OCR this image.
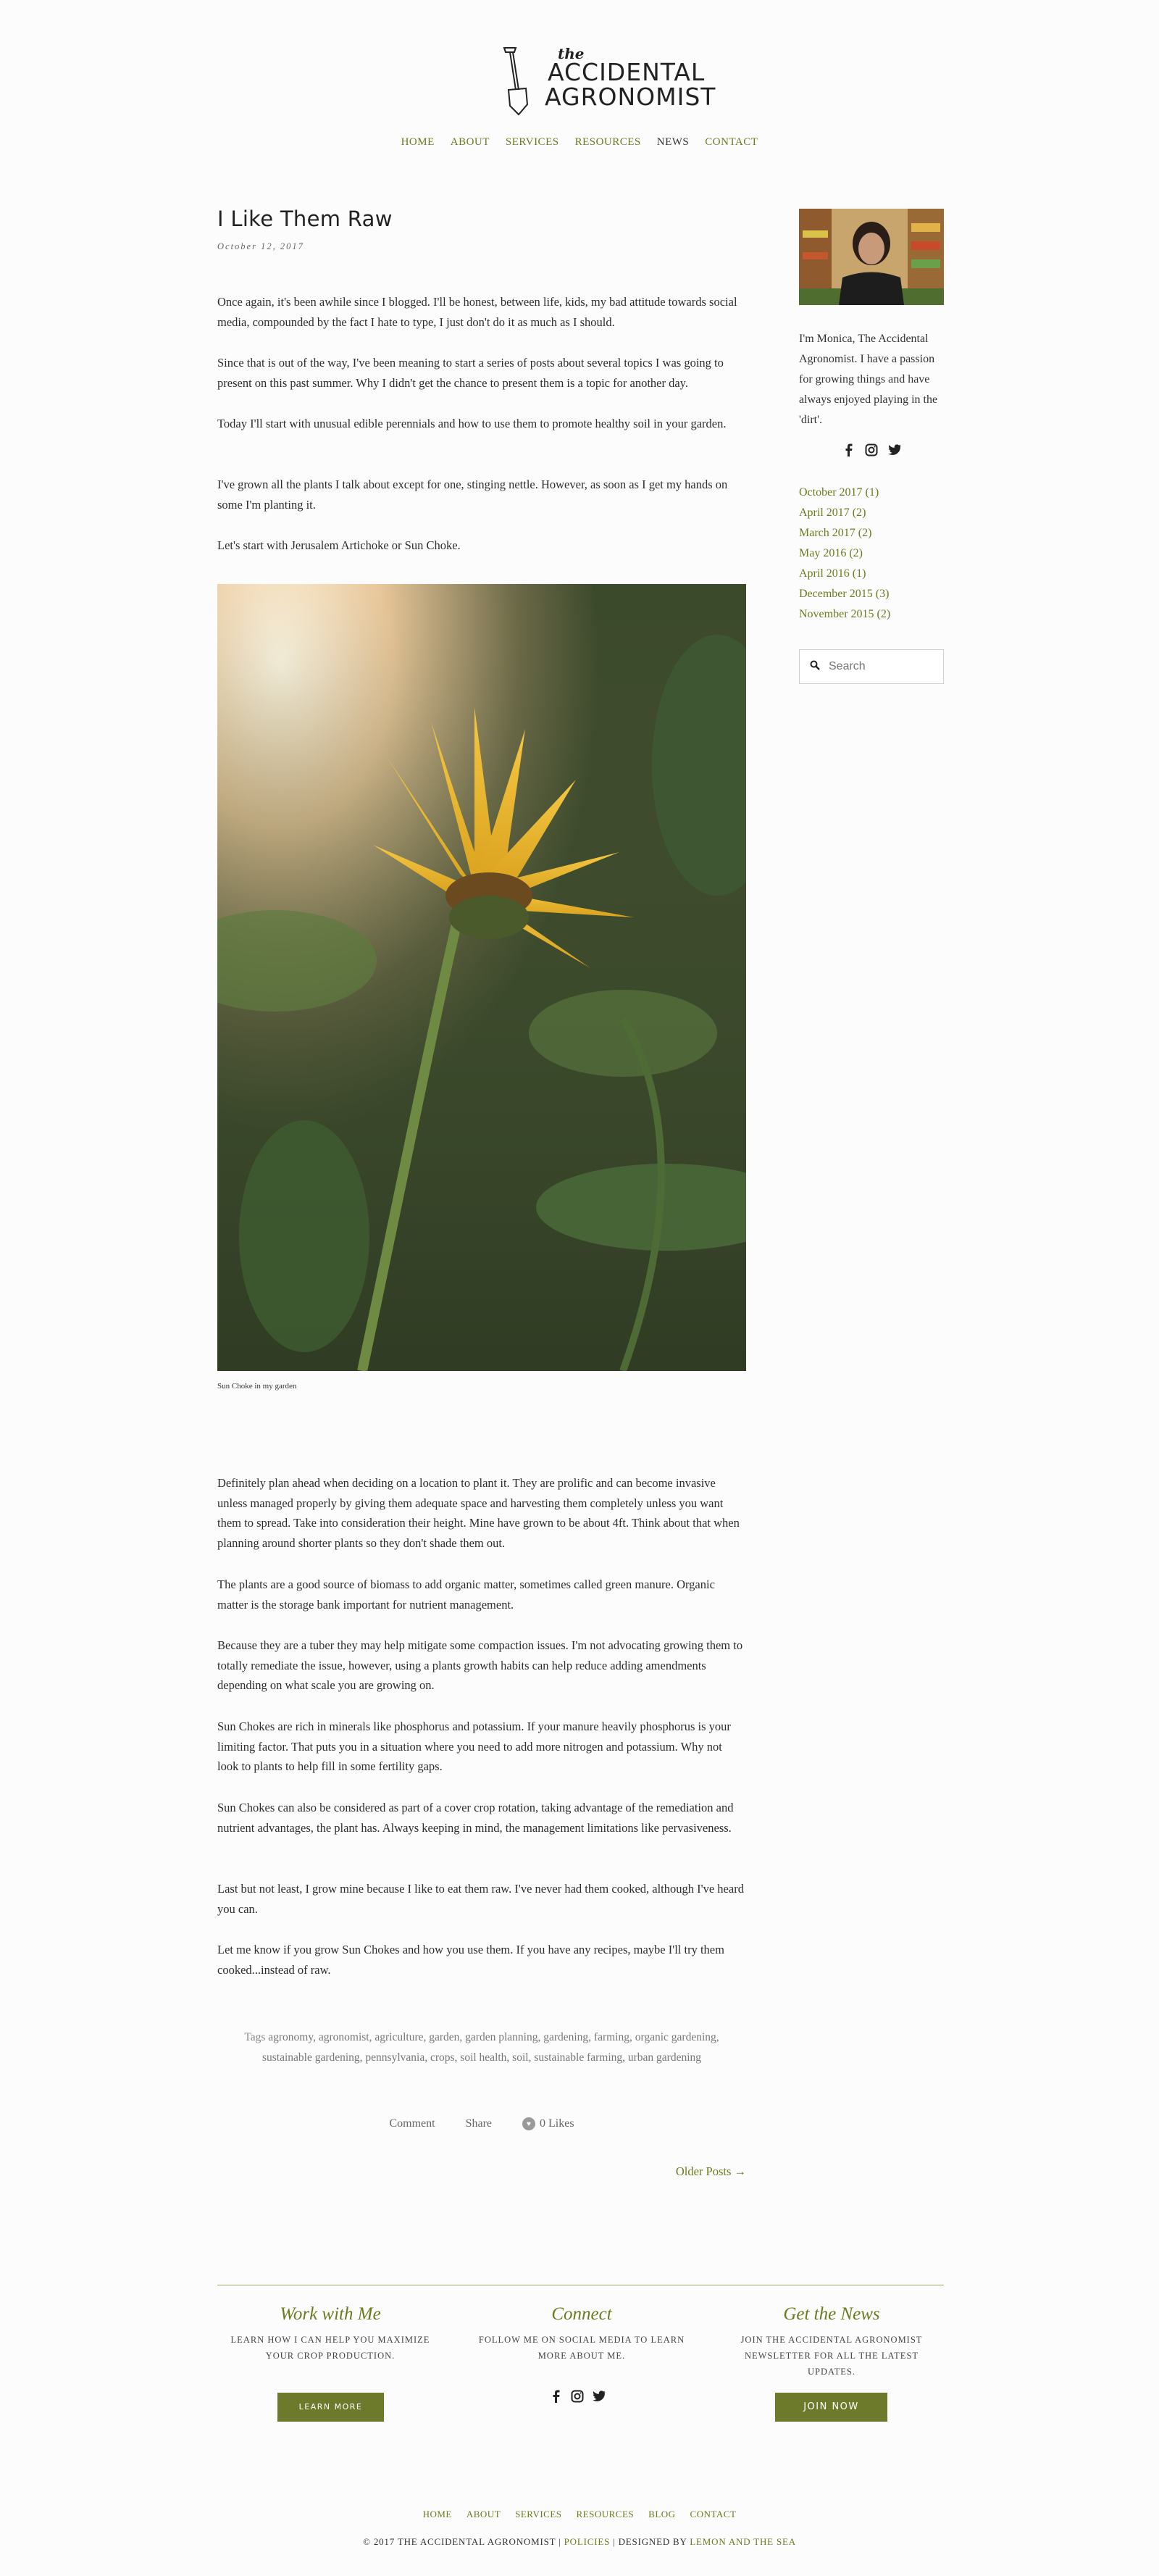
the
ACCIDENTAL
AGRONOMIST
HOME	ABOUT	SERVICES	RESOURCES	NEWS	CONTACT
I Like Them Raw
October 12, 2017

Once again, it's been awhile since I blogged. I'll be honest, between life, kids, my bad attitude towards social media, compounded by the fact I hate to type, I just don't do it as much as I should.

Since that is out of the way, I've been meaning to start a series of posts about several topics I was going to present on this past summer. Why I didn't get the chance to present them is a topic for another day.

Today I'll start with unusual edible perennials and how to use them to promote healthy soil in your garden.

I've grown all the plants I talk about except for one, stinging nettle. However, as soon as I get my hands on some I'm planting it.

Let's start with Jerusalem Artichoke or Sun Choke.

Sun Choke in my garden

Definitely plan ahead when deciding on a location to plant it. They are prolific and can become invasive unless managed properly by giving them adequate space and harvesting them completely unless you want them to spread. Take into consideration their height. Mine have grown to be about 4ft. Think about that when planning around shorter plants so they don't shade them out.

The plants are a good source of biomass to add organic matter, sometimes called green manure. Organic matter is the storage bank important for nutrient management.

Because they are a tuber they may help mitigate some compaction issues. I'm not advocating growing them to totally remediate the issue, however, using a plants growth habits can help reduce adding amendments depending on what scale you are growing on.

Sun Chokes are rich in minerals like phosphorus and potassium. If your manure heavily phosphorus is your limiting factor. That puts you in a situation where you need to add more nitrogen and potassium. Why not look to plants to help fill in some fertility gaps.

Sun Chokes can also be considered as part of a cover crop rotation, taking advantage of the remediation and nutrient advantages, the plant has. Always keeping in mind, the management limitations like pervasiveness.

Last but not least, I grow mine because I like to eat them raw. I've never had them cooked, although I've heard you can.

Let me know if you grow Sun Chokes and how you use them. If you have any recipes, maybe I'll try them cooked...instead of raw.

Tags agronomy, agronomist, agriculture, garden, garden planning, gardening, farming, organic gardening, sustainable gardening, pennsylvania, crops, soil health, soil, sustainable farming, urban gardening
Comment	Share	♥ 0 Likes
Older Posts →

I'm Monica, The Accidental Agronomist. I have a passion for growing things and have always enjoyed playing in the 'dirt'.

October 2017 (1)
April 2017 (2)
March 2017 (2)
May 2016 (2)
April 2016 (1)
December 2015 (3)
November 2015 (2)
Search
Work with Me

LEARN HOW I CAN HELP YOU MAXIMIZE YOUR CROP PRODUCTION.

LEARN MORE
Connect

FOLLOW ME ON SOCIAL MEDIA TO LEARN MORE ABOUT ME.

Get the News

JOIN THE ACCIDENTAL AGRONOMIST NEWSLETTER FOR ALL THE LATEST UPDATES.

JOIN NOW
HOME	ABOUT	SERVICES	RESOURCES	BLOG	CONTACT
© 2017 THE ACCIDENTAL AGRONOMIST | POLICIES | DESIGNED BY LEMON AND THE SEA
